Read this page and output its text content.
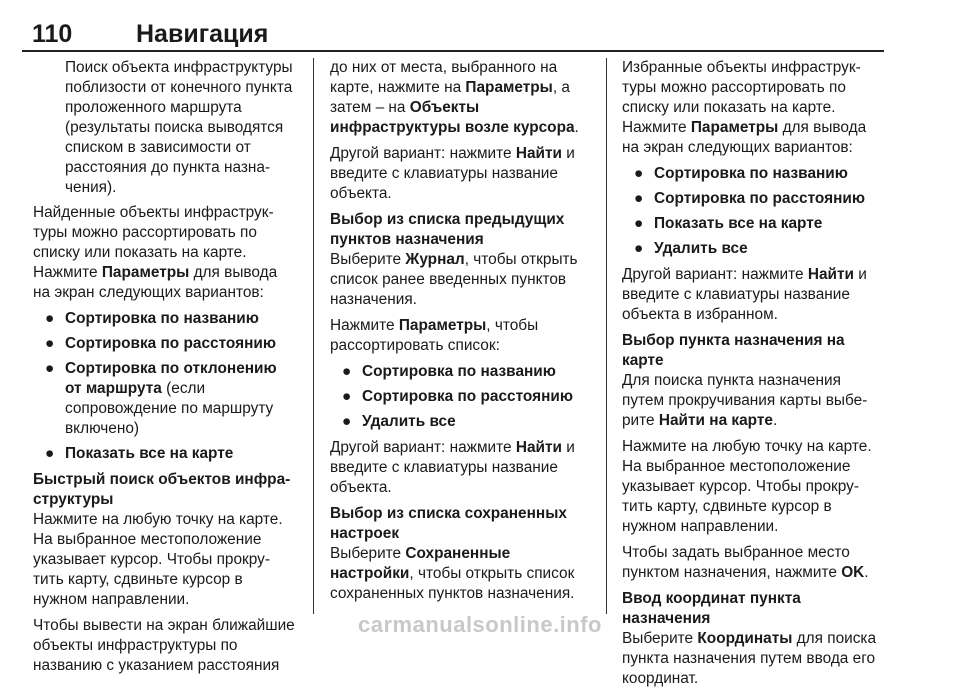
110	Навигация

Поиск объекта инфраструктуры поблизости от конечного пункта проложенного маршрута (результаты поиска выводятся списком в зависимости от расстояния до пункта назначения).

Найденные объекты инфраструктуры можно рассортировать по списку или показать на карте. Нажмите Параметры для вывода на экран следующих вариантов:

● Сортировка по названию
● Сортировка по расстоянию
● Сортировка по отклонению от маршрута (если сопровождение по маршруту включено)
● Показать все на карте

Быстрый поиск объектов инфраструктуры

Нажмите на любую точку на карте. На выбранное местоположение указывает курсор. Чтобы прокрутить карту, сдвиньте курсор в нужном направлении.

Чтобы вывести на экран ближайшие объекты инфраструктуры по названию с указанием расстояния

до них от места, выбранного на карте, нажмите на Параметры, а затем – на Объекты инфраструктуры возле курсора.

Другой вариант: нажмите Найти и введите с клавиатуры название объекта.

Выбор из списка предыдущих пунктов назначения

Выберите Журнал, чтобы открыть список ранее введенных пунктов назначения.

Нажмите Параметры, чтобы рассортировать список:

● Сортировка по названию
● Сортировка по расстоянию
● Удалить все

Другой вариант: нажмите Найти и введите с клавиатуры название объекта.

Выбор из списка сохраненных настроек

Выберите Сохраненные настройки, чтобы открыть список сохраненных пунктов назначения.

Избранные объекты инфраструктуры можно рассортировать по списку или показать на карте. Нажмите Параметры для вывода на экран следующих вариантов:

● Сортировка по названию
● Сортировка по расстоянию
● Показать все на карте
● Удалить все

Другой вариант: нажмите Найти и введите с клавиатуры название объекта в избранном.

Выбор пункта назначения на карте

Для поиска пункта назначения путем прокручивания карты выберите Найти на карте.

Нажмите на любую точку на карте. На выбранное местоположение указывает курсор. Чтобы прокрутить карту, сдвиньте курсор в нужном направлении.

Чтобы задать выбранное место пунктом назначения, нажмите OK.

Ввод координат пункта назначения

Выберите Координаты для поиска пункта назначения путем ввода его координат.

carmanualsonline.info
